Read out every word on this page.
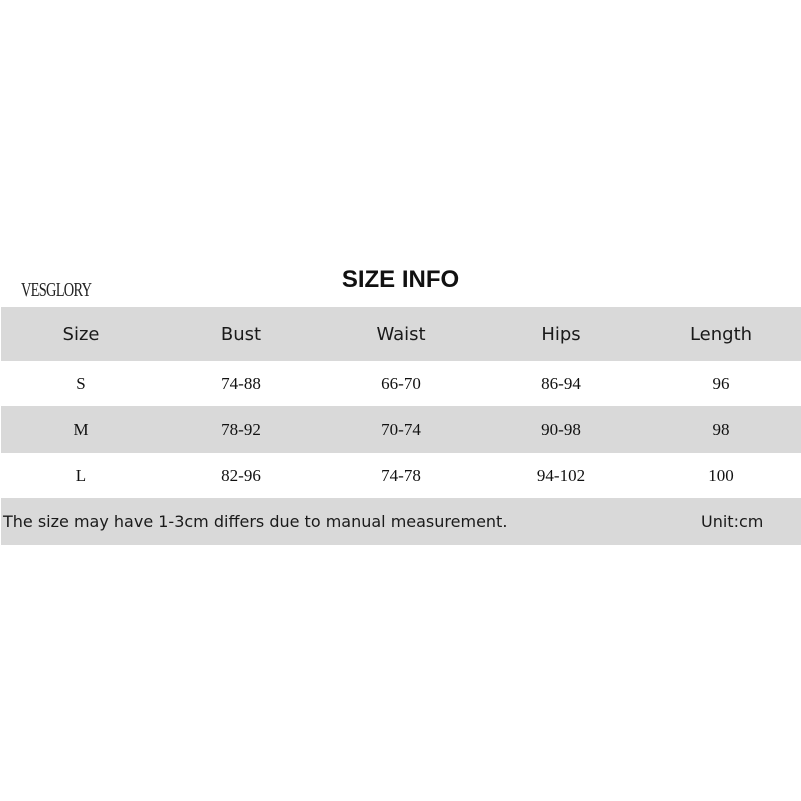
VESGLORY	SIZE INFO
Size	Bust	Waist	Hips	Length
S	74-88	66-70	86-94	96
M	78-92	70-74	90-98	98
L	82-96	74-78	94-102	100
The size may have 1-3cm differs due to manual measurement.	Unit:cm
